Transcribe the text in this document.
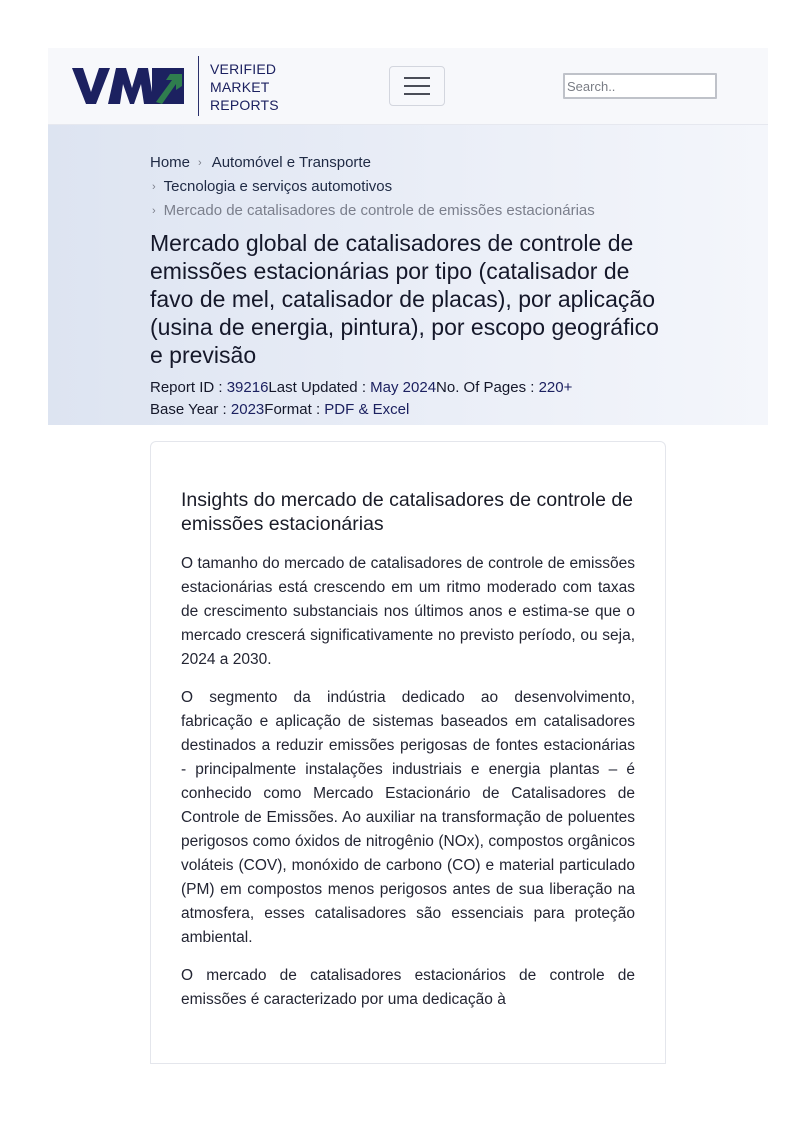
VERIFIED
MARKET
REPORTS
Search..
Home › Automóvel e Transporte
› Tecnologia e serviços automotivos
› Mercado de catalisadores de controle de emissões estacionárias
Mercado global de catalisadores de controle de emissões estacionárias por tipo (catalisador de favo de mel, catalisador de placas), por aplicação (usina de energia, pintura), por escopo geográfico e previsão
Report ID : 39216Last Updated : May 2024No. Of Pages : 220+
Base Year : 2023Format : PDF & Excel
Insights do mercado de catalisadores de controle de emissões estacionárias

O tamanho do mercado de catalisadores de controle de emissões estacionárias está crescendo em um ritmo moderado com taxas de crescimento substanciais nos últimos anos e estima-se que o mercado crescerá significativamente no previsto período, ou seja, 2024 a 2030.

O segmento da indústria dedicado ao desenvolvimento, fabricação e aplicação de sistemas baseados em catalisadores destinados a reduzir emissões perigosas de fontes estacionárias - principalmente instalações industriais e energia plantas – é conhecido como Mercado Estacionário de Catalisadores de Controle de Emissões. Ao auxiliar na transformação de poluentes perigosos como óxidos de nitrogênio (NOx), compostos orgânicos voláteis (COV), monóxido de carbono (CO) e material particulado (PM) em compostos menos perigosos antes de sua liberação na atmosfera, esses catalisadores são essenciais para proteção ambiental.

O mercado de catalisadores estacionários de controle de emissões é caracterizado por uma dedicação à
